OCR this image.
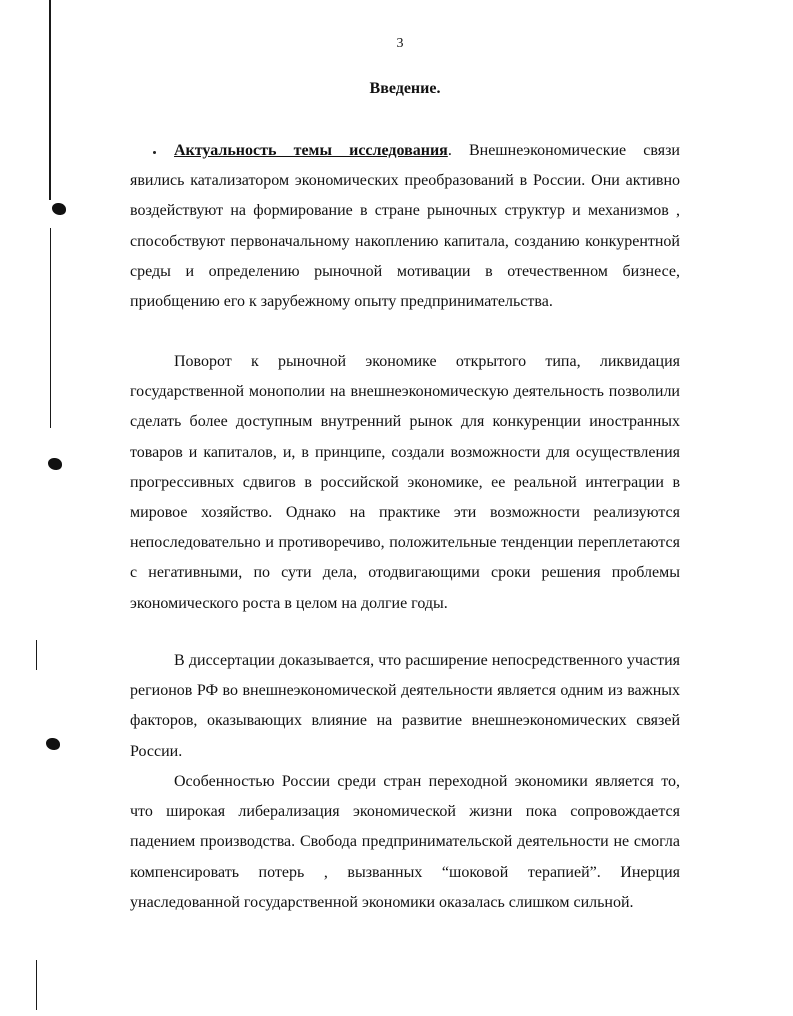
3
Введение.

Актуальность темы исследования. Внешнеэкономические связи явились катализатором экономических преобразований в России. Они активно воздействуют на формирование в стране рыночных структур и механизмов , способствуют первоначальному накоплению капитала, созданию конкурентной среды и определению рыночной мотивации в отечественном бизнесе, приобщению его к зарубежному опыту предпринимательства.

Поворот к рыночной экономике открытого типа, ликвидация государственной монополии на внешнеэкономическую деятельность позволили сделать более доступным внутренний рынок для конкуренции иностранных товаров и капиталов, и, в принципе, создали возможности для осуществления прогрессивных сдвигов в российской экономике, ее реальной интеграции в мировое хозяйство. Однако на практике эти возможности реализуются непоследовательно и противоречиво, положительные тенденции переплетаются с негативными, по сути дела, отодвигающими сроки решения проблемы экономического роста в целом на долгие годы.

В диссертации доказывается, что расширение непосредственного участия регионов РФ во внешнеэкономической деятельности является одним из важных факторов, оказывающих влияние на развитие внешнеэкономических связей России.

Особенностью России среди стран переходной экономики является то, что широкая либерализация экономической жизни пока сопровождается падением производства. Свобода предпринимательской деятельности не смогла компенсировать потерь , вызванных “шоковой терапией”. Инерция унаследованной государственной экономики оказалась слишком сильной.
